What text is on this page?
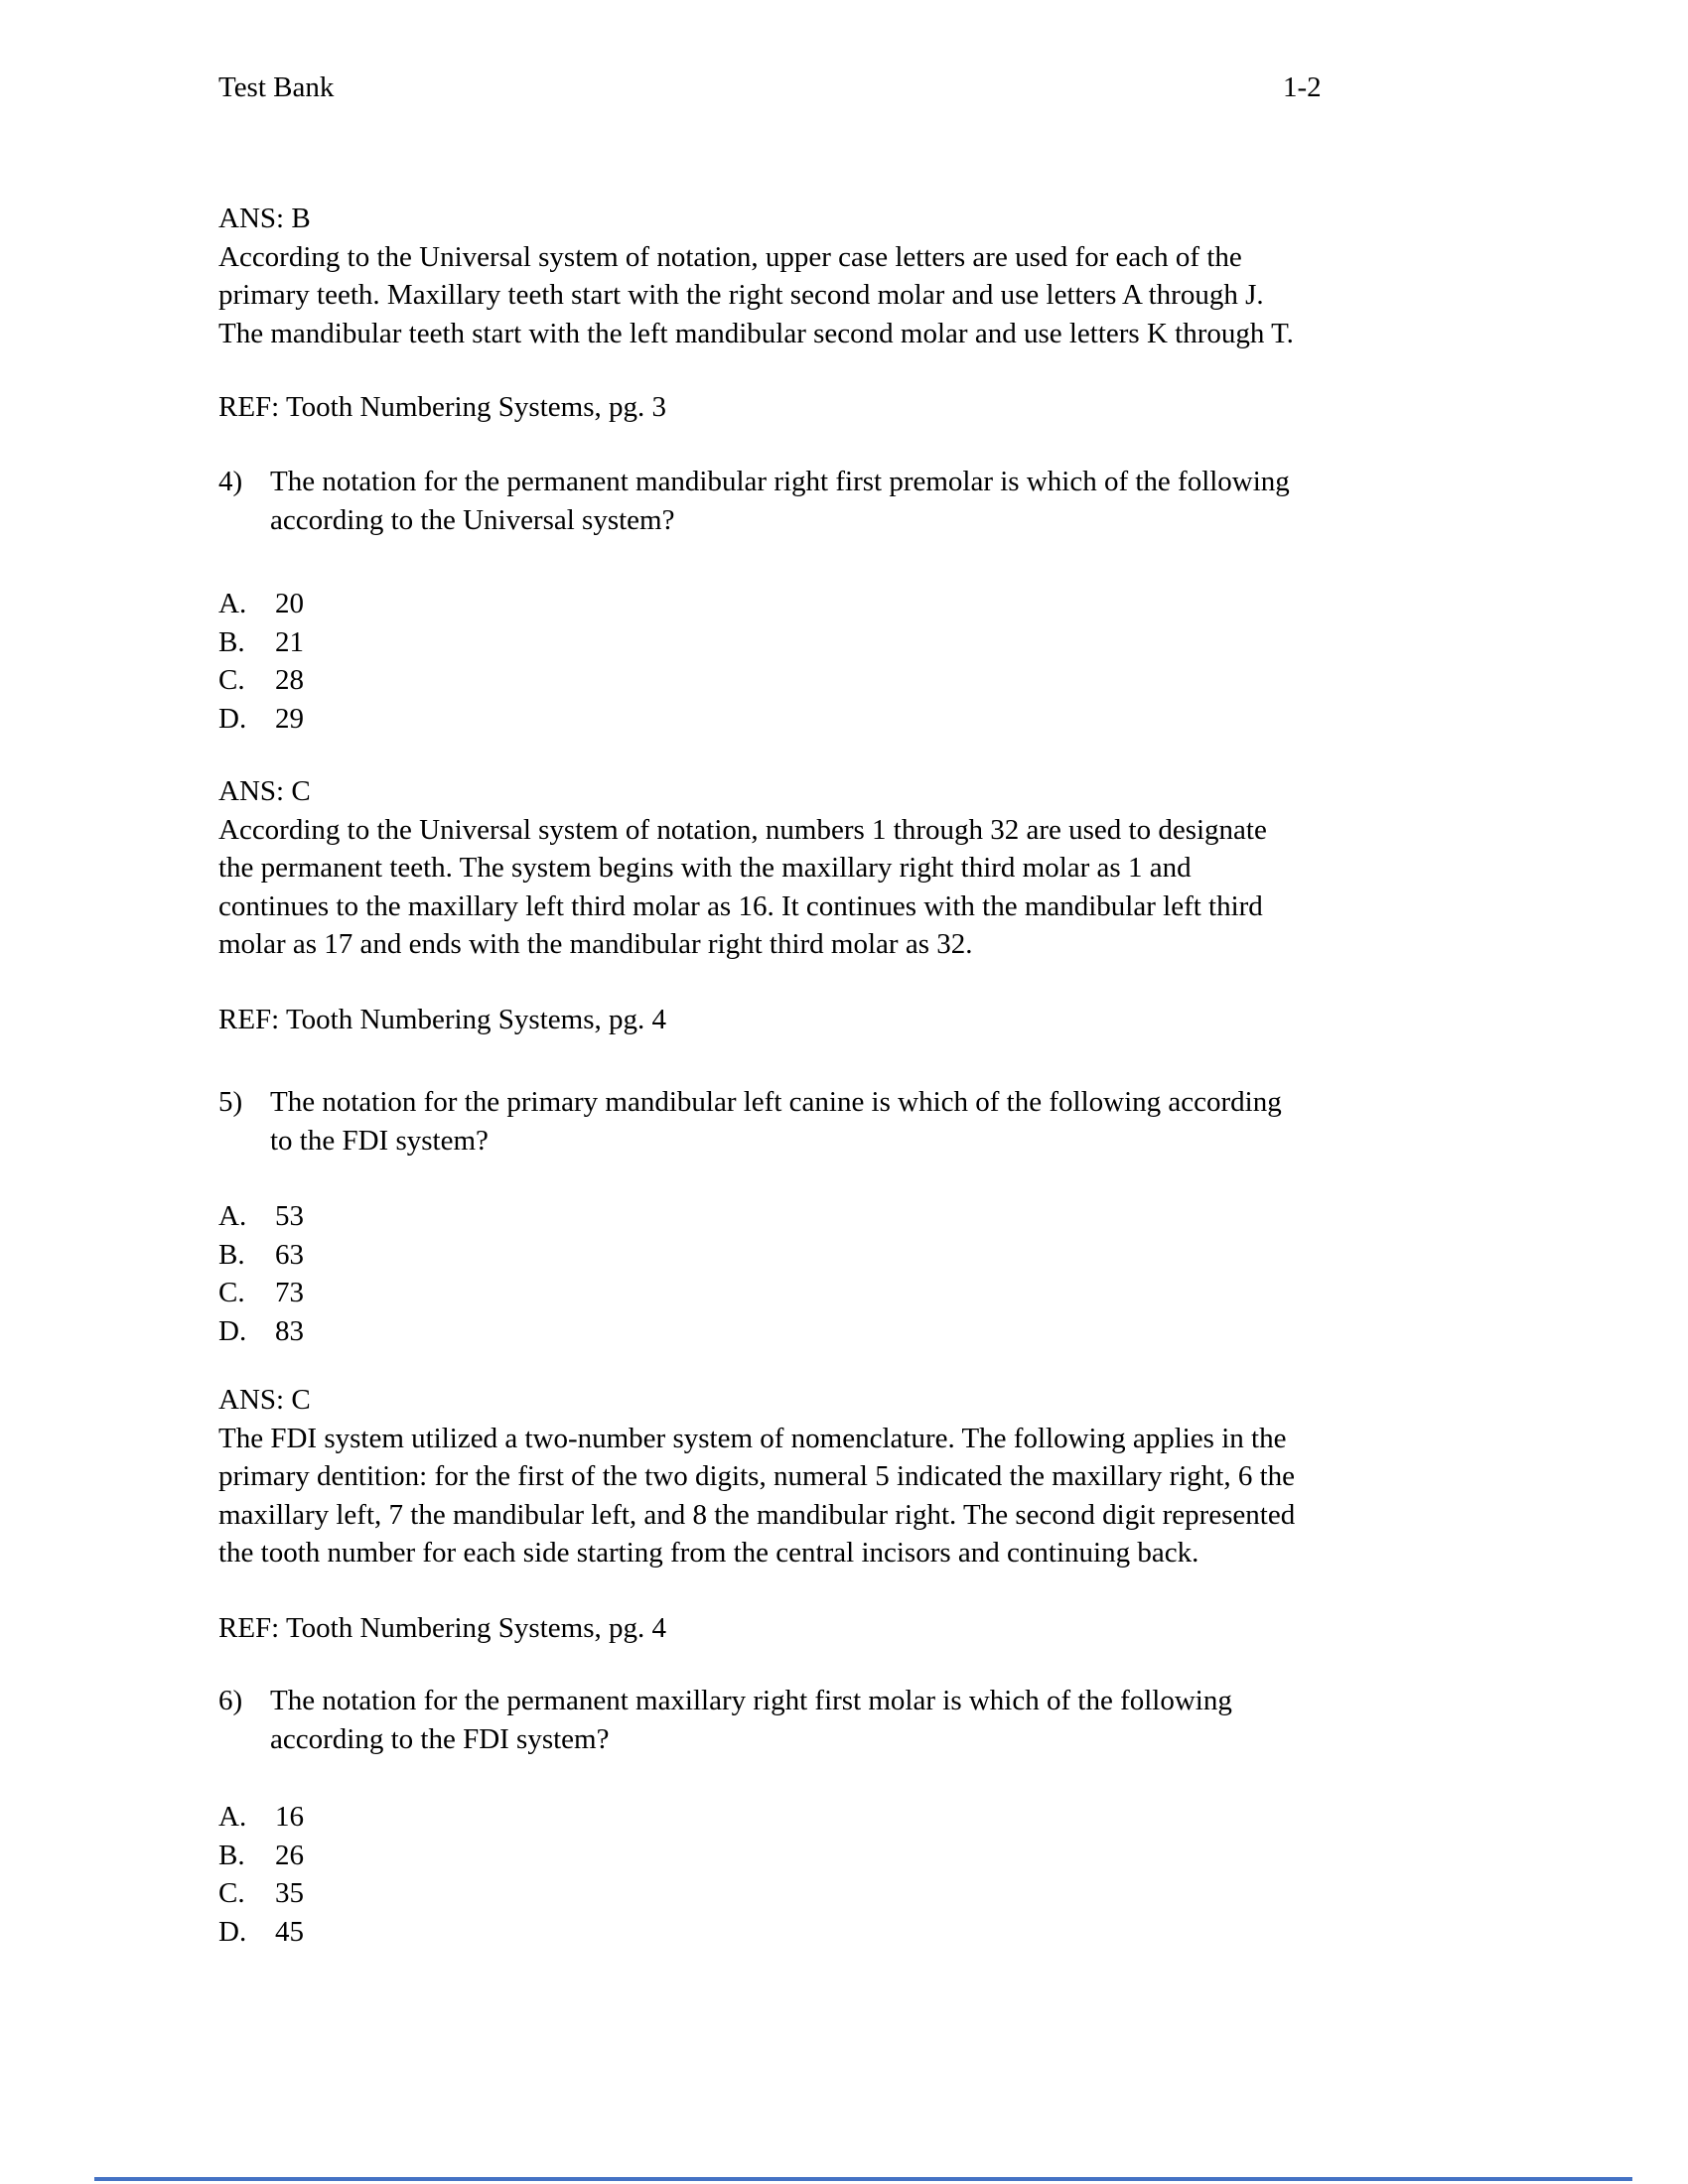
Test Bank	1-2
ANS: B
According to the Universal system of notation, upper case letters are used for each of the
primary teeth. Maxillary teeth start with the right second molar and use letters A through J.
The mandibular teeth start with the left mandibular second molar and use letters K through T.
REF: Tooth Numbering Systems, pg. 3
4) The notation for the permanent mandibular right first premolar is which of the following
according to the Universal system?
A. 20
B. 21
C. 28
D. 29
ANS: C
According to the Universal system of notation, numbers 1 through 32 are used to designate
the permanent teeth. The system begins with the maxillary right third molar as 1 and
continues to the maxillary left third molar as 16. It continues with the mandibular left third
molar as 17 and ends with the mandibular right third molar as 32.
REF: Tooth Numbering Systems, pg. 4
5) The notation for the primary mandibular left canine is which of the following according
to the FDI system?
A. 53
B. 63
C. 73
D. 83
ANS: C
The FDI system utilized a two-number system of nomenclature. The following applies in the
primary dentition: for the first of the two digits, numeral 5 indicated the maxillary right, 6 the
maxillary left, 7 the mandibular left, and 8 the mandibular right. The second digit represented
the tooth number for each side starting from the central incisors and continuing back.
REF: Tooth Numbering Systems, pg. 4
6) The notation for the permanent maxillary right first molar is which of the following
according to the FDI system?
A. 16
B. 26
C. 35
D. 45
